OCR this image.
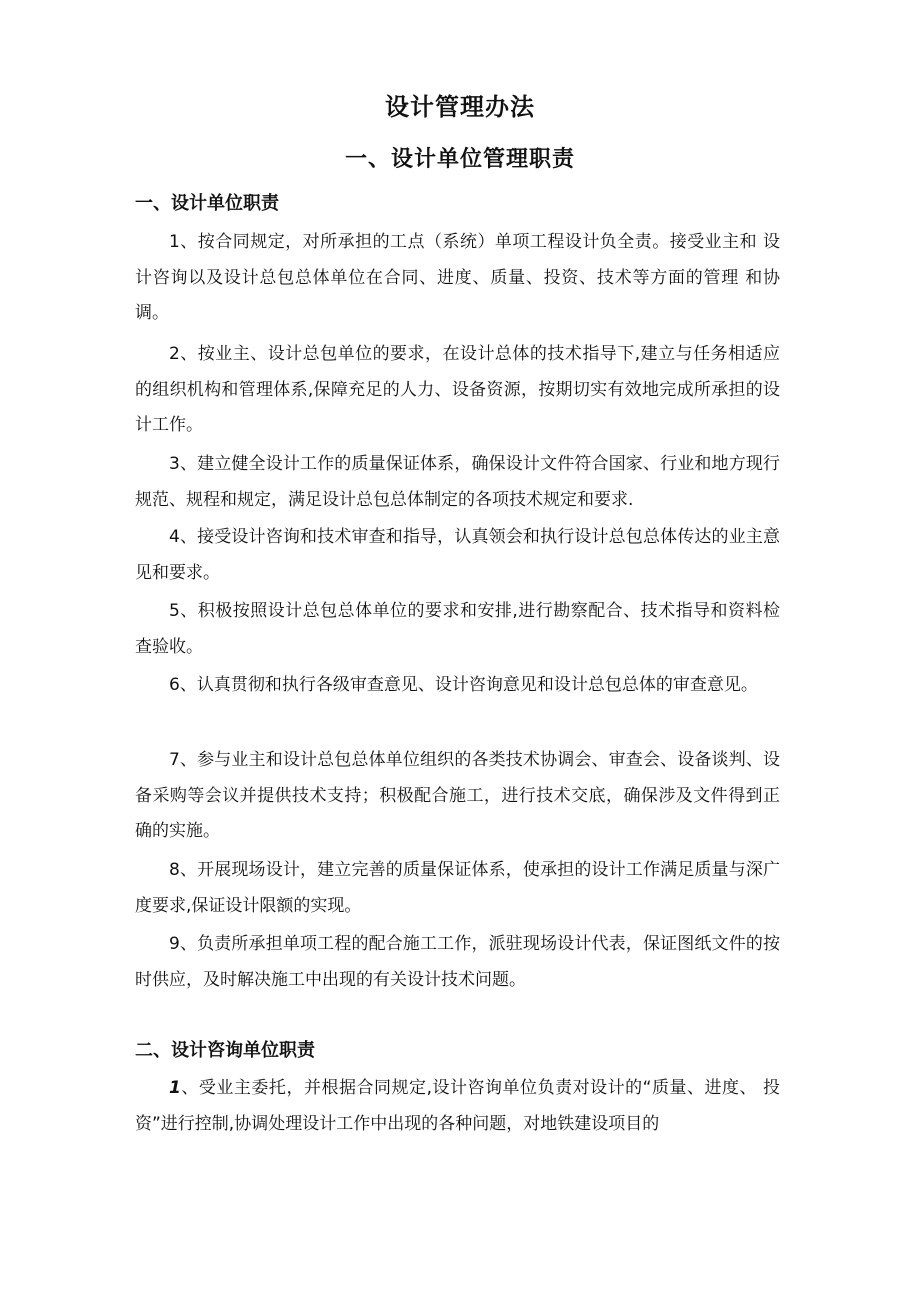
设计管理办法
一、设计单位管理职责
一、设计单位职责

1、按合同规定，对所承担的工点（系统）单项工程设计负全责。接受业主和 设计咨询以及设计总包总体单位在合同、进度、质量、投资、技术等方面的管理 和协调。

2、按业主、设计总包单位的要求，在设计总体的技术指导下,建立与任务相适应的组织机构和管理体系,保障充足的人力、设备资源，按期切实有效地完成所承担的设计工作。

3、建立健全设计工作的质量保证体系，确保设计文件符合国家、行业和地方现行规范、规程和规定，满足设计总包总体制定的各项技术规定和要求.

4、接受设计咨询和技术审查和指导，认真领会和执行设计总包总体传达的业主意见和要求。

5、积极按照设计总包总体单位的要求和安排,进行勘察配合、技术指导和资料检查验收。

6、认真贯彻和执行各级审查意见、设计咨询意见和设计总包总体的审查意见。

7、参与业主和设计总包总体单位组织的各类技术协调会、审查会、设备谈判、设备采购等会议并提供技术支持；积极配合施工，进行技术交底，确保涉及文件得到正确的实施。

8、开展现场设计，建立完善的质量保证体系，使承担的设计工作满足质量与深广度要求,保证设计限额的实现。

9、负责所承担单项工程的配合施工工作，派驻现场设计代表，保证图纸文件的按时供应，及时解决施工中出现的有关设计技术问题。

二、设计咨询单位职责

1、受业主委托，并根据合同规定,设计咨询单位负责对设计的“质量、进度、 投资”进行控制,协调处理设计工作中出现的各种问题，对地铁建设项目的
